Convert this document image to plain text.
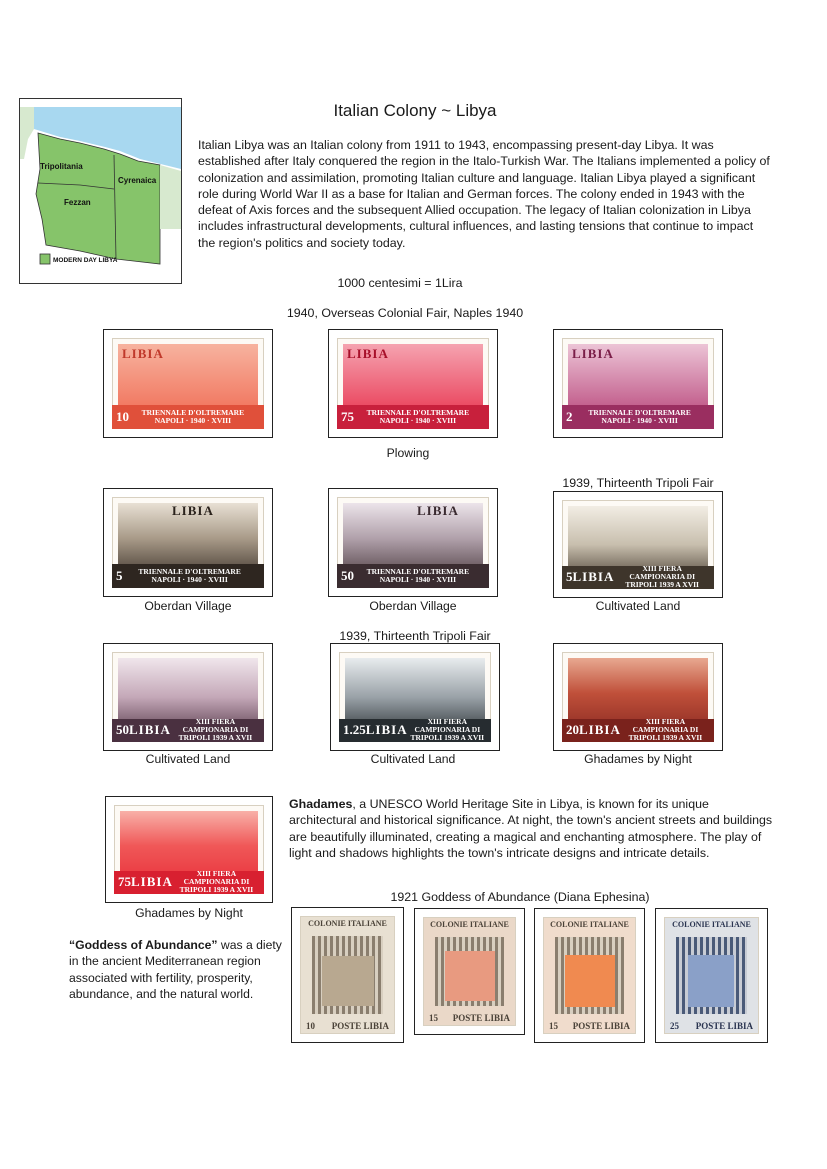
Italian Colony ~ Libya
Tripolitania
Cyrenaica
Fezzan
MODERN DAY LIBYA
Italian Libya was an Italian colony from 1911 to 1943, encompassing present-day Libya. It was established after Italy conquered the region in the Italo-Turkish War. The Italians implemented a policy of colonization and assimilation, promoting Italian culture and language. Italian Libya played a significant role during World War II as a base for Italian and German forces. The colony ended in 1943 with the defeat of Axis forces and the subsequent Allied occupation. The legacy of Italian colonization in Libya includes infrastructural developments, cultural influences, and lasting tensions that continue to impact the region's politics and society today.
1000 centesimi = 1Lira
1940, Overseas Colonial Fair, Naples 1940
LIBIA
10 TRIENNALE D'OLTREMARE
NAPOLI · 1940 · XVIII

LIBIA
75 TRIENNALE D'OLTREMARE
NAPOLI · 1940 · XVIII

LIBIA
2 TRIENNALE D'OLTREMARE
NAPOLI · 1940 · XVIII

Plowing
1939, Thirteenth Tripoli Fair
LIBIA
5 TRIENNALE D'OLTREMARE
NAPOLI · 1940 · XVIII

LIBIA
50 TRIENNALE D'OLTREMARE
NAPOLI · 1940 · XVIII
	5 LIBIA
XIII FIERA CAMPIONARIA DI
TRIPOLI 1939 A XVII
Oberdan Village	Oberdan Village	Cultivated Land
1939, Thirteenth Tripoli Fair
50 LIBIA
XIII FIERA CAMPIONARIA DI
TRIPOLI 1939 A XVII
1.25 LIBIA
XIII FIERA CAMPIONARIA DI
TRIPOLI 1939 A XVII
20 LIBIA
XIII FIERA CAMPIONARIA DI
TRIPOLI 1939 A XVII
Cultivated Land	Cultivated Land	Ghadames by Night
75 LIBIA
XIII FIERA CAMPIONARIA DI
TRIPOLI 1939 A XVII
Ghadames by Night
Ghadames, a UNESCO World Heritage Site in Libya, is known for its unique architectural and historical significance. At night, the town's ancient streets and buildings are beautifully illuminated, creating a magical and enchanting atmosphere. The play of light and shadows highlights the town's intricate designs and intricate details.
1921 Goddess of Abundance (Diana Ephesina)
“Goddess of Abundance” was a diety in the ancient Mediterranean region associated with fertility, prosperity, abundance, and the natural world.
COLONIE ITALIANE
10 POSTE LIBIA
COLONIE ITALIANE
15 POSTE LIBIA
COLONIE ITALIANE
15 POSTE LIBIA
COLONIE ITALIANE
25 POSTE LIBIA
